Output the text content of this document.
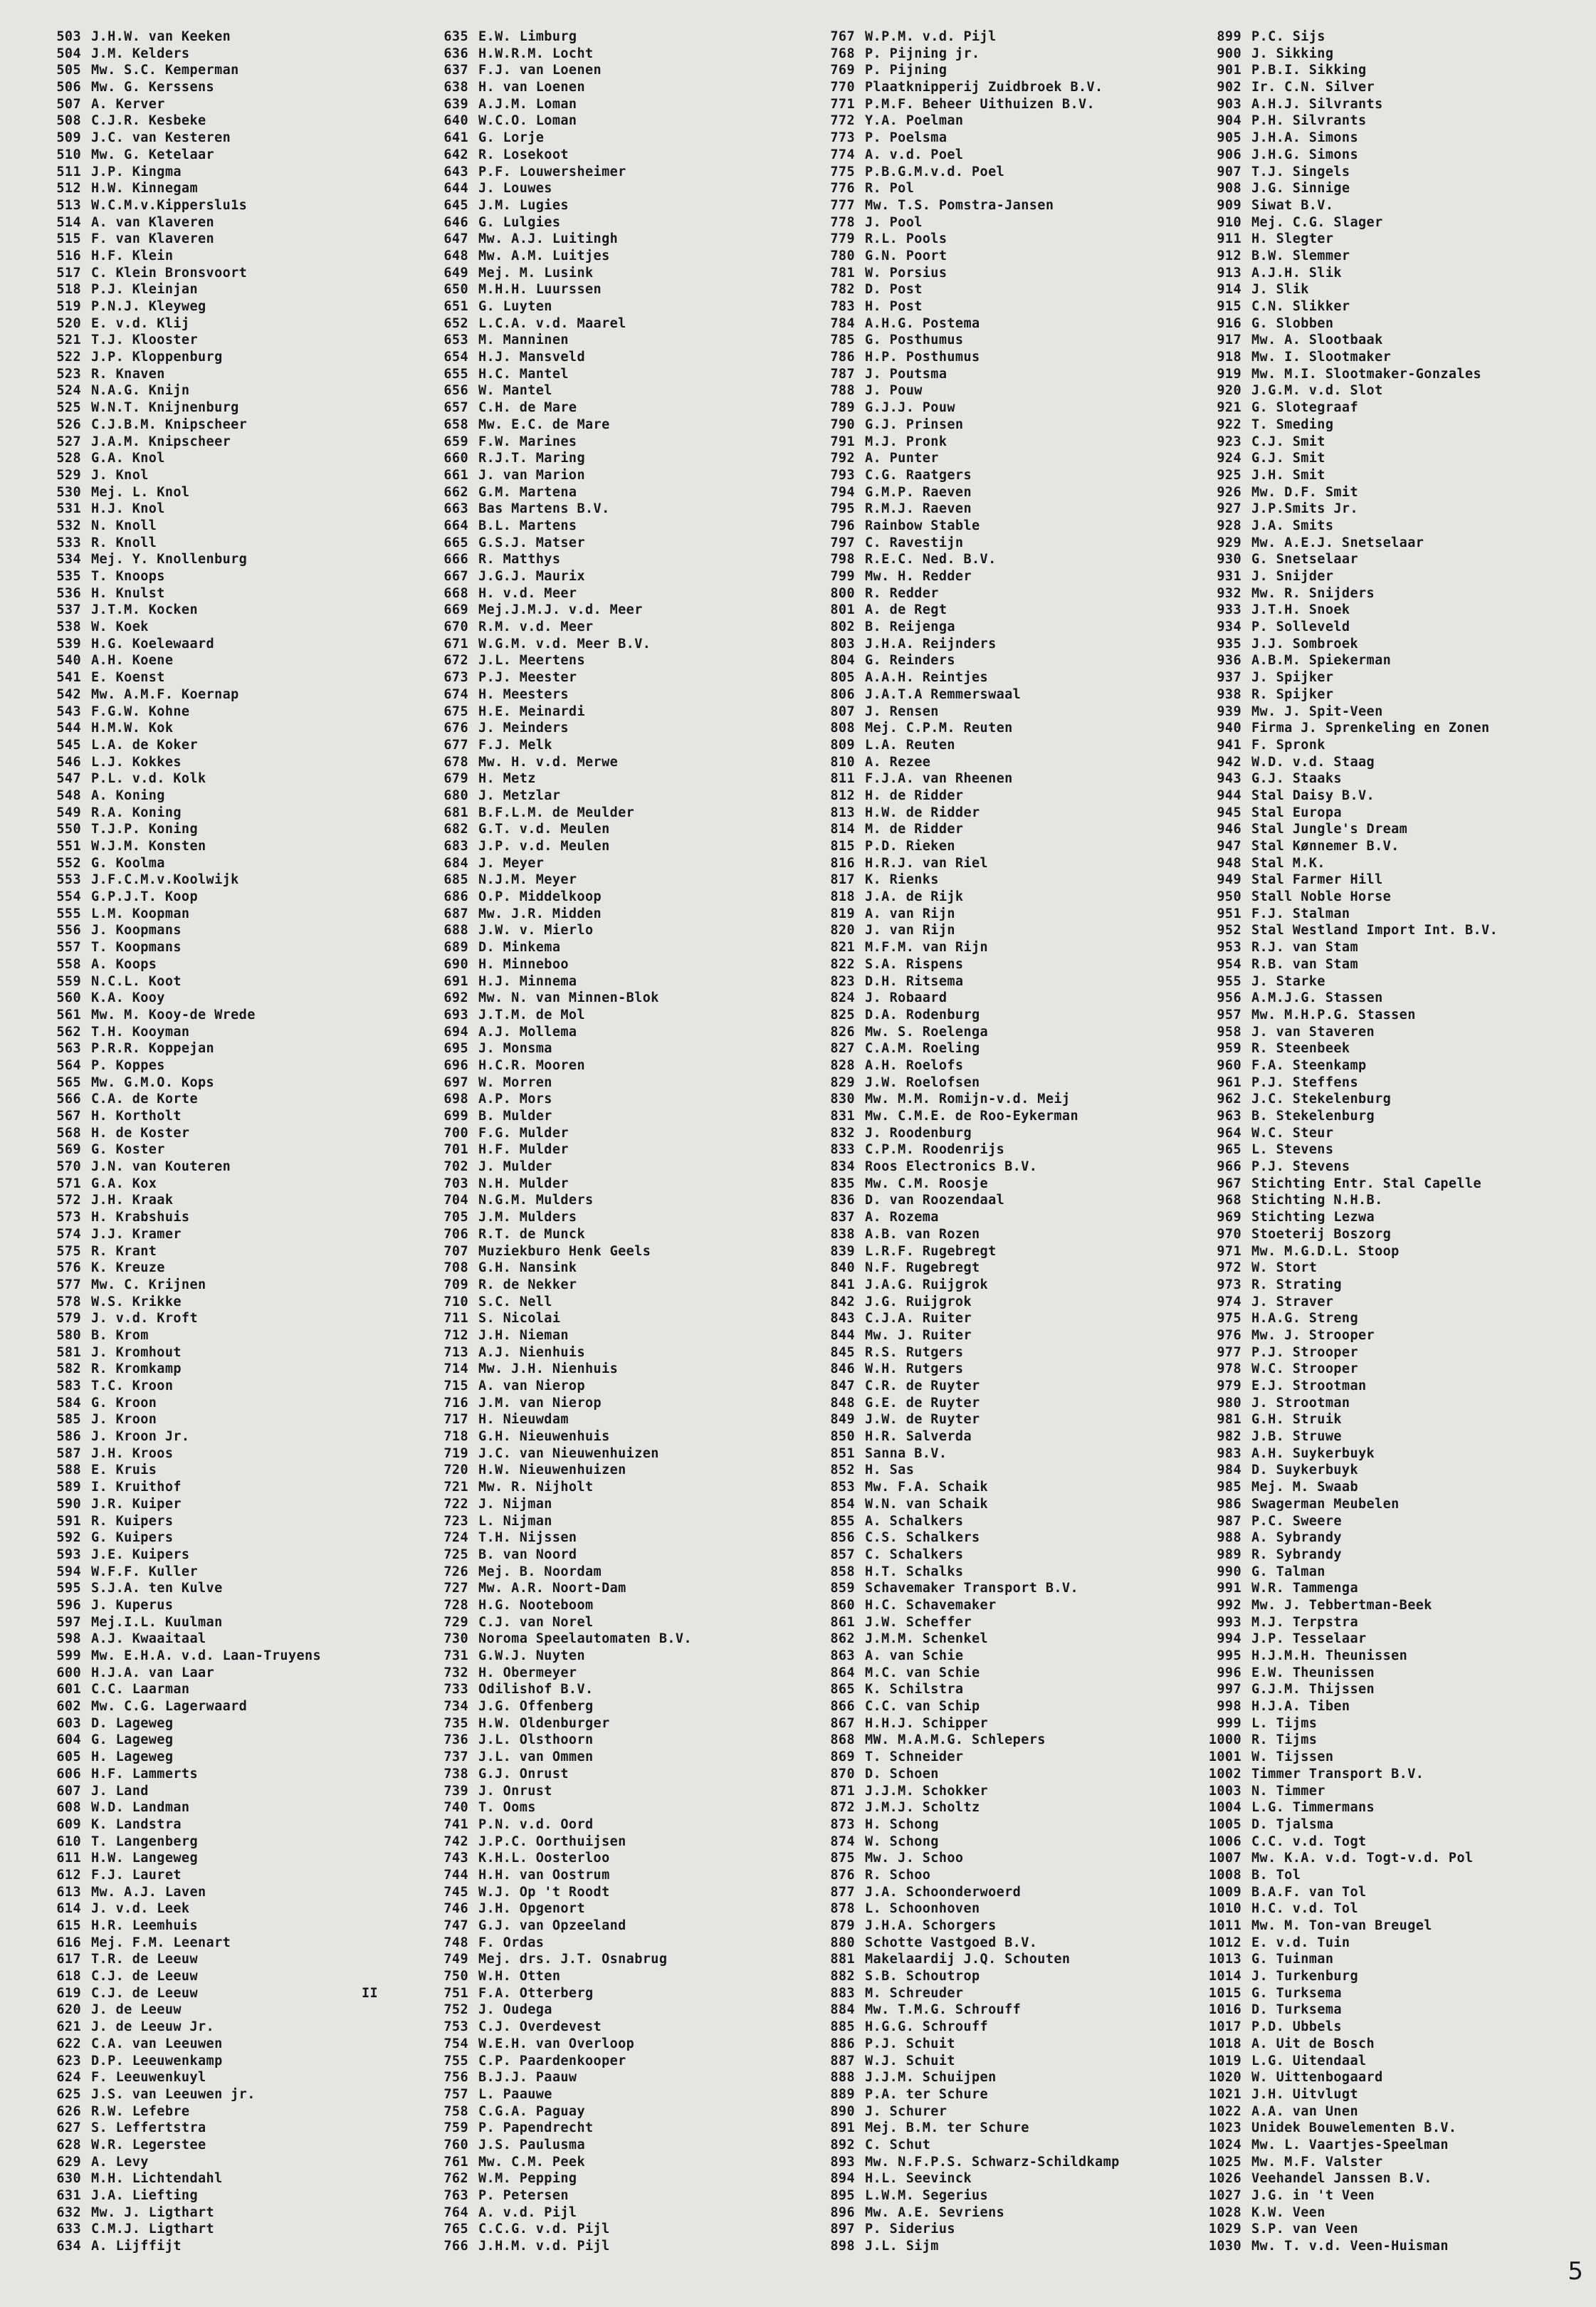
503 J.H.W. van Keeken
504 J.M. Kelders
505 Mw. S.C. Kemperman
506 Mw. G. Kerssens
507 A. Kerver
508 C.J.R. Kesbeke
509 J.C. van Kesteren
510 Mw. G. Ketelaar
511 J.P. Kingma
512 H.W. Kinnegam
513 W.C.M.v.Kipperslu1s
514 A. van Klaveren
515 F. van Klaveren
516 H.F. Klein
517 C. Klein Bronsvoort
518 P.J. Kleinjan
519 P.N.J. Kleyweg
520 E. v.d. Klij
521 T.J. Klooster
522 J.P. Kloppenburg
523 R. Knaven
524 N.A.G. Knijn
525 W.N.T. Knijnenburg
526 C.J.B.M. Knipscheer
527 J.A.M. Knipscheer
528 G.A. Knol
529 J. Knol
530 Mej. L. Knol
531 H.J. Knol
532 N. Knoll
533 R. Knoll
534 Mej. Y. Knollenburg
535 T. Knoops
536 H. Knulst
537 J.T.M. Kocken
538 W. Koek
539 H.G. Koelewaard
540 A.H. Koene
541 E. Koenst
542 Mw. A.M.F. Koernap
543 F.G.W. Kohne
544 H.M.W. Kok
545 L.A. de Koker
546 L.J. Kokkes
547 P.L. v.d. Kolk
548 A. Koning
549 R.A. Koning
550 T.J.P. Koning
551 W.J.M. Konsten
552 G. Koolma
553 J.F.C.M.v.Koolwijk
554 G.P.J.T. Koop
555 L.M. Koopman
556 J. Koopmans
557 T. Koopmans
558 A. Koops
559 N.C.L. Koot
560 K.A. Kooy
561 Mw. M. Kooy-de Wrede
562 T.H. Kooyman
563 P.R.R. Koppejan
564 P. Koppes
565 Mw. G.M.O. Kops
566 C.A. de Korte
567 H. Kortholt
568 H. de Koster
569 G. Koster
570 J.N. van Kouteren
571 G.A. Kox
572 J.H. Kraak
573 H. Krabshuis
574 J.J. Kramer
575 R. Krant
576 K. Kreuze
577 Mw. C. Krijnen
578 W.S. Krikke
579 J. v.d. Kroft
580 B. Krom
581 J. Kromhout
582 R. Kromkamp
583 T.C. Kroon
584 G. Kroon
585 J. Kroon
586 J. Kroon Jr.
587 J.H. Kroos
588 E. Kruis
589 I. Kruithof
590 J.R. Kuiper
591 R. Kuipers
592 G. Kuipers
593 J.E. Kuipers
594 W.F.F. Kuller
595 S.J.A. ten Kulve
596 J. Kuperus
597 Mej.I.L. Kuulman
598 A.J. Kwaaitaal
599 Mw. E.H.A. v.d. Laan-Truyens
600 H.J.A. van Laar
601 C.C. Laarman
602 Mw. C.G. Lagerwaard
603 D. Lageweg
604 G. Lageweg
605 H. Lageweg
606 H.F. Lammerts
607 J. Land
608 W.D. Landman
609 K. Landstra
610 T. Langenberg
611 H.W. Langeweg
612 F.J. Lauret
613 Mw. A.J. Laven
614 J. v.d. Leek
615 H.R. Leemhuis
616 Mej. F.M. Leenart
617 T.R. de Leeuw
618 C.J. de Leeuw
619 C.J. de Leeuw	II
620 J. de Leeuw
621 J. de Leeuw Jr.
622 C.A. van Leeuwen
623 D.P. Leeuwenkamp
624 F. Leeuwenkuyl
625 J.S. van Leeuwen jr.
626 R.W. Lefebre
627 S. Leffertstra
628 W.R. Legerstee
629 A. Levy
630 M.H. Lichtendahl
631 J.A. Liefting
632 Mw. J. Ligthart
633 C.M.J. Ligthart
634 A. Lijffijt
635 E.W. Limburg
636 H.W.R.M. Locht
637 F.J. van Loenen
638 H. van Loenen
639 A.J.M. Loman
640 W.C.O. Loman
641 G. Lorje
642 R. Losekoot
643 P.F. Louwersheimer
644 J. Louwes
645 J.M. Lugies
646 G. Lulgies
647 Mw. A.J. Luitingh
648 Mw. A.M. Luitjes
649 Mej. M. Lusink
650 M.H.H. Luurssen
651 G. Luyten
652 L.C.A. v.d. Maarel
653 M. Manninen
654 H.J. Mansveld
655 H.C. Mantel
656 W. Mantel
657 C.H. de Mare
658 Mw. E.C. de Mare
659 F.W. Marines
660 R.J.T. Maring
661 J. van Marion
662 G.M. Martena
663 Bas Martens B.V.
664 B.L. Martens
665 G.S.J. Matser
666 R. Matthys
667 J.G.J. Maurix
668 H. v.d. Meer
669 Mej.J.M.J. v.d. Meer
670 R.M. v.d. Meer
671 W.G.M. v.d. Meer B.V.
672 J.L. Meertens
673 P.J. Meester
674 H. Meesters
675 H.E. Meinardi
676 J. Meinders
677 F.J. Melk
678 Mw. H. v.d. Merwe
679 H. Metz
680 J. Metzlar
681 B.F.L.M. de Meulder
682 G.T. v.d. Meulen
683 J.P. v.d. Meulen
684 J. Meyer
685 N.J.M. Meyer
686 O.P. Middelkoop
687 Mw. J.R. Midden
688 J.W. v. Mierlo
689 D. Minkema
690 H. Minneboo
691 H.J. Minnema
692 Mw. N. van Minnen-Blok
693 J.T.M. de Mol
694 A.J. Mollema
695 J. Monsma
696 H.C.R. Mooren
697 W. Morren
698 A.P. Mors
699 B. Mulder
700 F.G. Mulder
701 H.F. Mulder
702 J. Mulder
703 N.H. Mulder
704 N.G.M. Mulders
705 J.M. Mulders
706 R.T. de Munck
707 Muziekburo Henk Geels
708 G.H. Nansink
709 R. de Nekker
710 S.C. Nell
711 S. Nicolai
712 J.H. Nieman
713 A.J. Nienhuis
714 Mw. J.H. Nienhuis
715 A. van Nierop
716 J.M. van Nierop
717 H. Nieuwdam
718 G.H. Nieuwenhuis
719 J.C. van Nieuwenhuizen
720 H.W. Nieuwenhuizen
721 Mw. R. Nijholt
722 J. Nijman
723 L. Nijman
724 T.H. Nijssen
725 B. van Noord
726 Mej. B. Noordam
727 Mw. A.R. Noort-Dam
728 H.G. Nooteboom
729 C.J. van Norel
730 Noroma Speelautomaten B.V.
731 G.W.J. Nuyten
732 H. Obermeyer
733 Odilishof B.V.
734 J.G. Offenberg
735 H.W. Oldenburger
736 J.L. Olsthoorn
737 J.L. van Ommen
738 G.J. Onrust
739 J. Onrust
740 T. Ooms
741 P.N. v.d. Oord
742 J.P.C. Oorthuijsen
743 K.H.L. Oosterloo
744 H.H. van Oostrum
745 W.J. Op 't Roodt
746 J.H. Opgenort
747 G.J. van Opzeeland
748 F. Ordas
749 Mej. drs. J.T. Osnabrug
750 W.H. Otten
751 F.A. Otterberg
752 J. Oudega
753 C.J. Overdevest
754 W.E.H. van Overloop
755 C.P. Paardenkooper
756 B.J.J. Paauw
757 L. Paauwe
758 C.G.A. Paguay
759 P. Papendrecht
760 J.S. Paulusma
761 Mw. C.M. Peek
762 W.M. Pepping
763 P. Petersen
764 A. v.d. Pijl
765 C.C.G. v.d. Pijl
766 J.H.M. v.d. Pijl
767 W.P.M. v.d. Pijl
768 P. Pijning jr.
769 P. Pijning
770 Plaatknipperij Zuidbroek B.V.
771 P.M.F. Beheer Uithuizen B.V.
772 Y.A. Poelman
773 P. Poelsma
774 A. v.d. Poel
775 P.B.G.M.v.d. Poel
776 R. Pol
777 Mw. T.S. Pomstra-Jansen
778 J. Pool
779 R.L. Pools
780 G.N. Poort
781 W. Porsius
782 D. Post
783 H. Post
784 A.H.G. Postema
785 G. Posthumus
786 H.P. Posthumus
787 J. Poutsma
788 J. Pouw
789 G.J.J. Pouw
790 G.J. Prinsen
791 M.J. Pronk
792 A. Punter
793 C.G. Raatgers
794 G.M.P. Raeven
795 R.M.J. Raeven
796 Rainbow Stable
797 C. Ravestijn
798 R.E.C. Ned. B.V.
799 Mw. H. Redder
800 R. Redder
801 A. de Regt
802 B. Reijenga
803 J.H.A. Reijnders
804 G. Reinders
805 A.A.H. Reintjes
806 J.A.T.A Remmerswaal
807 J. Rensen
808 Mej. C.P.M. Reuten
809 L.A. Reuten
810 A. Rezee
811 F.J.A. van Rheenen
812 H. de Ridder
813 H.W. de Ridder
814 M. de Ridder
815 P.D. Rieken
816 H.R.J. van Riel
817 K. Rienks
818 J.A. de Rijk
819 A. van Rijn
820 J. van Rijn
821 M.F.M. van Rijn
822 S.A. Rispens
823 D.H. Ritsema
824 J. Robaard
825 D.A. Rodenburg
826 Mw. S. Roelenga
827 C.A.M. Roeling
828 A.H. Roelofs
829 J.W. Roelofsen
830 Mw. M.M. Romijn-v.d. Meij
831 Mw. C.M.E. de Roo-Eykerman
832 J. Roodenburg
833 C.P.M. Roodenrijs
834 Roos Electronics B.V.
835 Mw. C.M. Roosje
836 D. van Roozendaal
837 A. Rozema
838 A.B. van Rozen
839 L.R.F. Rugebregt
840 N.F. Rugebregt
841 J.A.G. Ruijgrok
842 J.G. Ruijgrok
843 C.J.A. Ruiter
844 Mw. J. Ruiter
845 R.S. Rutgers
846 W.H. Rutgers
847 C.R. de Ruyter
848 G.E. de Ruyter
849 J.W. de Ruyter
850 H.R. Salverda
851 Sanna B.V.
852 H. Sas
853 Mw. F.A. Schaik
854 W.N. van Schaik
855 A. Schalkers
856 C.S. Schalkers
857 C. Schalkers
858 H.T. Schalks
859 Schavemaker Transport B.V.
860 H.C. Schavemaker
861 J.W. Scheffer
862 J.M.M. Schenkel
863 A. van Schie
864 M.C. van Schie
865 K. Schilstra
866 C.C. van Schip
867 H.H.J. Schipper
868 MW. M.A.M.G. Schlepers
869 T. Schneider
870 D. Schoen
871 J.J.M. Schokker
872 J.M.J. Scholtz
873 H. Schong
874 W. Schong
875 Mw. J. Schoo
876 R. Schoo
877 J.A. Schoonderwoerd
878 L. Schoonhoven
879 J.H.A. Schorgers
880 Schotte Vastgoed B.V.
881 Makelaardij J.Q. Schouten
882 S.B. Schoutrop
883 M. Schreuder
884 Mw. T.M.G. Schrouff
885 H.G.G. Schrouff
886 P.J. Schuit
887 W.J. Schuit
888 J.J.M. Schuijpen
889 P.A. ter Schure
890 J. Schurer
891 Mej. B.M. ter Schure
892 C. Schut
893 Mw. N.F.P.S. Schwarz-Schildkamp
894 H.L. Seevinck
895 L.W.M. Segerius
896 Mw. A.E. Sevriens
897 P. Siderius
898 J.L. Sijm
899 P.C. Sijs
900 J. Sikking
901 P.B.I. Sikking
902 Ir. C.N. Silver
903 A.H.J. Silvrants
904 P.H. Silvrants
905 J.H.A. Simons
906 J.H.G. Simons
907 T.J. Singels
908 J.G. Sinnige
909 Siwat B.V.
910 Mej. C.G. Slager
911 H. Slegter
912 B.W. Slemmer
913 A.J.H. Slik
914 J. Slik
915 C.N. Slikker
916 G. Slobben
917 Mw. A. Slootbaak
918 Mw. I. Slootmaker
919 Mw. M.I. Slootmaker-Gonzales
920 J.G.M. v.d. Slot
921 G. Slotegraaf
922 T. Smeding
923 C.J. Smit
924 G.J. Smit
925 J.H. Smit
926 Mw. D.F. Smit
927 J.P.Smits Jr.
928 J.A. Smits
929 Mw. A.E.J. Snetselaar
930 G. Snetselaar
931 J. Snijder
932 Mw. R. Snijders
933 J.T.H. Snoek
934 P. Solleveld
935 J.J. Sombroek
936 A.B.M. Spiekerman
937 J. Spijker
938 R. Spijker
939 Mw. J. Spit-Veen
940 Firma J. Sprenkeling en Zonen
941 F. Spronk
942 W.D. v.d. Staag
943 G.J. Staaks
944 Stal Daisy B.V.
945 Stal Europa
946 Stal Jungle's Dream
947 Stal Kønnemer B.V.
948 Stal M.K.
949 Stal Farmer Hill
950 Stall Noble Horse
951 F.J. Stalman
952 Stal Westland Import Int. B.V.
953 R.J. van Stam
954 R.B. van Stam
955 J. Starke
956 A.M.J.G. Stassen
957 Mw. M.H.P.G. Stassen
958 J. van Staveren
959 R. Steenbeek
960 F.A. Steenkamp
961 P.J. Steffens
962 J.C. Stekelenburg
963 B. Stekelenburg
964 W.C. Steur
965 L. Stevens
966 P.J. Stevens
967 Stichting Entr. Stal Capelle
968 Stichting N.H.B.
969 Stichting Lezwa
970 Stoeterij Boszorg
971 Mw. M.G.D.L. Stoop
972 W. Stort
973 R. Strating
974 J. Straver
975 H.A.G. Streng
976 Mw. J. Strooper
977 P.J. Strooper
978 W.C. Strooper
979 E.J. Strootman
980 J. Strootman
981 G.H. Struik
982 J.B. Struwe
983 A.H. Suykerbuyk
984 D. Suykerbuyk
985 Mej. M. Swaab
986 Swagerman Meubelen
987 P.C. Sweere
988 A. Sybrandy
989 R. Sybrandy
990 G. Talman
991 W.R. Tammenga
992 Mw. J. Tebbertman-Beek
993 M.J. Terpstra
994 J.P. Tesselaar
995 H.J.M.H. Theunissen
996 E.W. Theunissen
997 G.J.M. Thijssen
998 H.J.A. Tiben
999 L. Tijms
1000 R. Tijms
1001 W. Tijssen
1002 Timmer Transport B.V.
1003 N. Timmer
1004 L.G. Timmermans
1005 D. Tjalsma
1006 C.C. v.d. Togt
1007 Mw. K.A. v.d. Togt-v.d. Pol
1008 B. Tol
1009 B.A.F. van Tol
1010 H.C. v.d. Tol
1011 Mw. M. Ton-van Breugel
1012 E. v.d. Tuin
1013 G. Tuinman
1014 J. Turkenburg
1015 G. Turksema
1016 D. Turksema
1017 P.D. Ubbels
1018 A. Uit de Bosch
1019 L.G. Uitendaal
1020 W. Uittenbogaard
1021 J.H. Uitvlugt
1022 A.A. van Unen
1023 Unidek Bouwelementen B.V.
1024 Mw. L. Vaartjes-Speelman
1025 Mw. M.F. Valster
1026 Veehandel Janssen B.V.
1027 J.G. in 't Veen
1028 K.W. Veen
1029 S.P. van Veen
1030 Mw. T. v.d. Veen-Huisman
5
